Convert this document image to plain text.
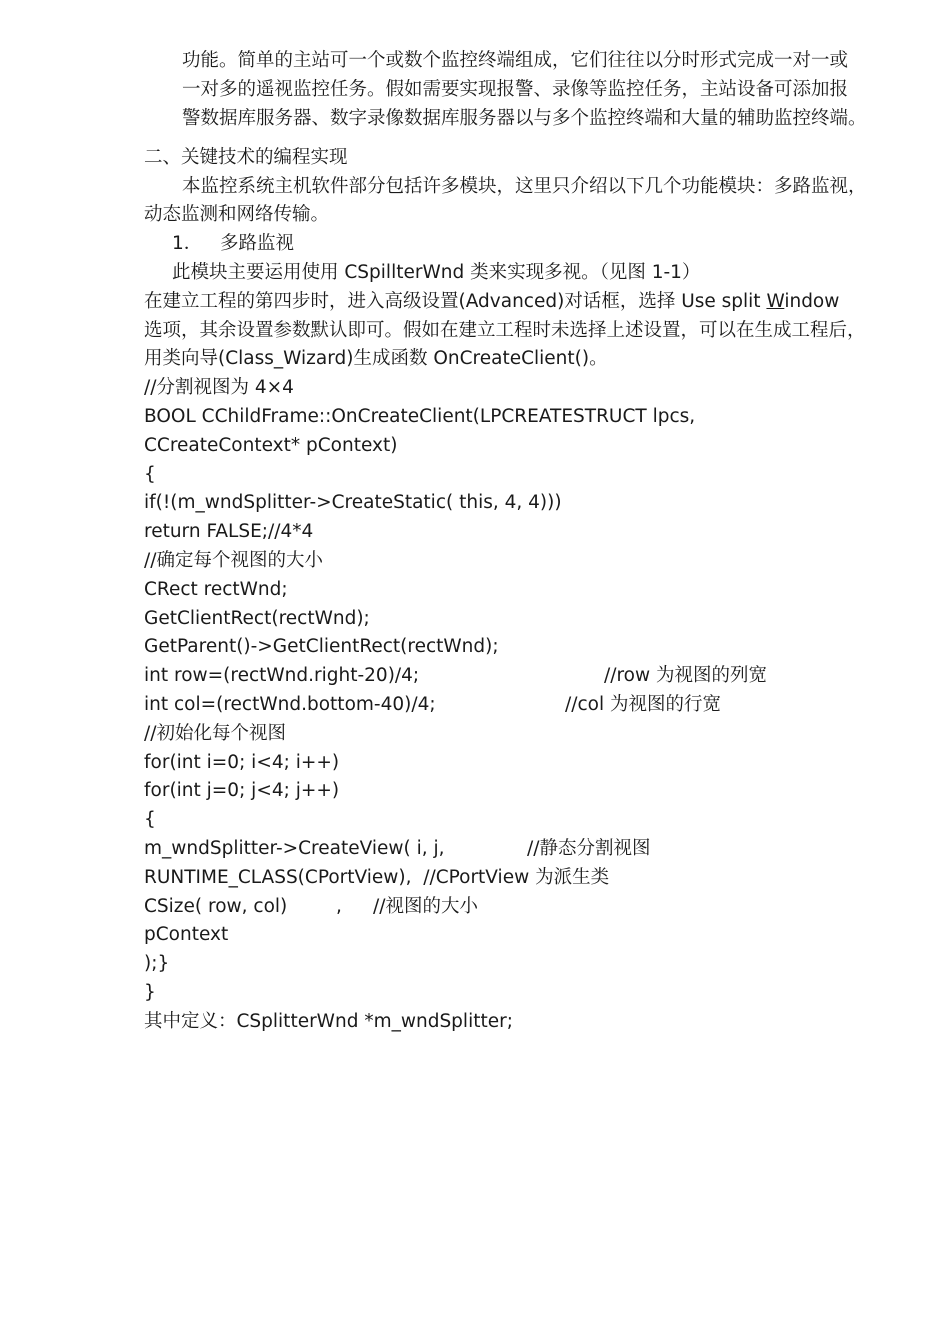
功能。简单的主站可一个或数个监控终端组成，它们往往以分时形式完成一对一或
一对多的遥视监控任务。假如需要实现报警、录像等监控任务，主站设备可添加报
警数据库服务器、数字录像数据库服务器以与多个监控终端和大量的辅助监控终端。
二、关键技术的编程实现
本监控系统主机软件部分包括许多模块，这里只介绍以下几个功能模块：多路监视，
动态监测和网络传输。
1． 多路监视
此模块主要运用使用 CSpillterWnd 类来实现多视。（见图 1-1）
在建立工程的第四步时，进入高级设置(Advanced)对话框，选择 Use split Window
选项，其余设置参数默认即可。假如在建立工程时未选择上述设置，可以在生成工程后，
用类向导(Class_Wizard)生成函数 OnCreateClient()。
//分割视图为 4×4
BOOL CChildFrame::OnCreateClient(LPCREATESTRUCT lpcs,
CCreateContext* pContext)
{
if(!(m_wndSplitter->CreateStatic( this, 4, 4)))
return FALSE;//4*4
//确定每个视图的大小
CRect rectWnd;
GetClientRect(rectWnd);
GetParent()->GetClientRect(rectWnd);
int row=(rectWnd.right-20)/4;	//row 为视图的列宽
int col=(rectWnd.bottom-40)/4;	//col 为视图的行宽
//初始化每个视图
for(int i=0; i<4; i++)
for(int j=0; j<4; j++)
{
m_wndSplitter->CreateView( i, j,	//静态分割视图
RUNTIME_CLASS(CPortView),  //CPortView 为派生类
CSize( row, col)	, //视图的大小
pContext
);}
}
其中定义：CSplitterWnd *m_wndSplitter;
